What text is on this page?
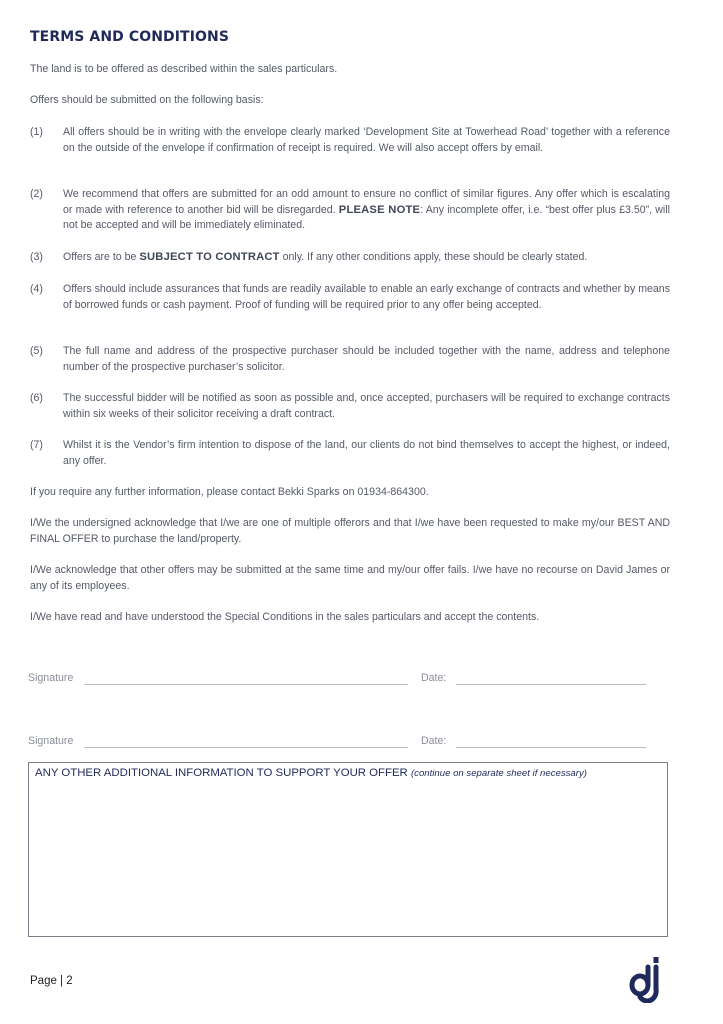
TERMS AND CONDITIONS
The land is to be offered as described within the sales particulars.
Offers should be submitted on the following basis:
(1)	All offers should be in writing with the envelope clearly marked ‘Development Site at Towerhead Road’ together with a reference on the outside of the envelope if confirmation of receipt is required. We will also accept offers by email.
(2)	We recommend that offers are submitted for an odd amount to ensure no conflict of similar figures. Any offer which is escalating or made with reference to another bid will be disregarded. PLEASE NOTE: Any incomplete offer, i.e. “best offer plus £3.50”, will not be accepted and will be immediately eliminated.
(3)	Offers are to be SUBJECT TO CONTRACT only. If any other conditions apply, these should be clearly stated.
(4)	Offers should include assurances that funds are readily available to enable an early exchange of contracts and whether by means of borrowed funds or cash payment. Proof of funding will be required prior to any offer being accepted.
(5)	The full name and address of the prospective purchaser should be included together with the name, address and telephone number of the prospective purchaser’s solicitor.
(6)	The successful bidder will be notified as soon as possible and, once accepted, purchasers will be required to exchange contracts within six weeks of their solicitor receiving a draft contract.
(7)	Whilst it is the Vendor’s firm intention to dispose of the land, our clients do not bind themselves to accept the highest, or indeed, any offer.
If you require any further information, please contact Bekki Sparks on 01934-864300.
I/We the undersigned acknowledge that I/we are one of multiple offerors and that I/we have been requested to make my/our BEST AND FINAL OFFER to purchase the land/property.
I/We acknowledge that other offers may be submitted at the same time and my/our offer fails. I/we have no recourse on David James or any of its employees.
I/We have read and have understood the Special Conditions in the sales particulars and accept the contents.
Signature	Date:
Signature	Date:
ANY OTHER ADDITIONAL INFORMATION TO SUPPORT YOUR OFFER (continue on separate sheet if necessary)
Page | 2
